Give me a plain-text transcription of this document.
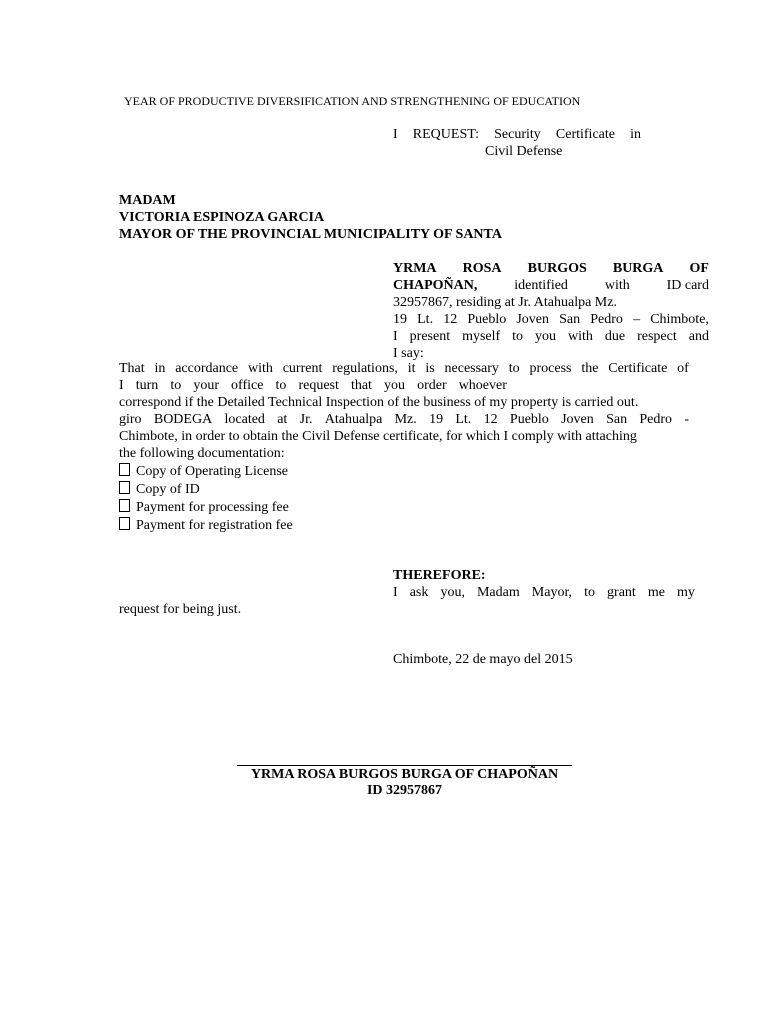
YEAR OF PRODUCTIVE DIVERSIFICATION AND STRENGTHENING OF EDUCATION
I REQUEST: Security Certificate in
Civil Defense
MADAM
VICTORIA ESPINOZA GARCIA
MAYOR OF THE PROVINCIAL MUNICIPALITY OF SANTA
YRMA ROSA BURGOS BURGA OF
CHAPOÑAN,	identified	with	ID card
32957867, residing at Jr. Atahualpa Mz.
19 Lt. 12 Pueblo Joven San Pedro – Chimbote,
I present myself to you with due respect and
I say:
That in accordance with current regulations, it is necessary to process the Certificate of
I turn to your office to request that you order whoever
correspond if the Detailed Technical Inspection of the business of my property is carried out.
giro BODEGA located at Jr. Atahualpa Mz. 19 Lt. 12 Pueblo Joven San Pedro -
Chimbote, in order to obtain the Civil Defense certificate, for which I comply with attaching
the following documentation:
Copy of Operating License
Copy of ID
Payment for processing fee
Payment for registration fee
THEREFORE:
I ask you, Madam Mayor, to grant me my
request for being just.
Chimbote, 22 de mayo del 2015
YRMA ROSA BURGOS BURGA OF CHAPOÑAN
ID 32957867
